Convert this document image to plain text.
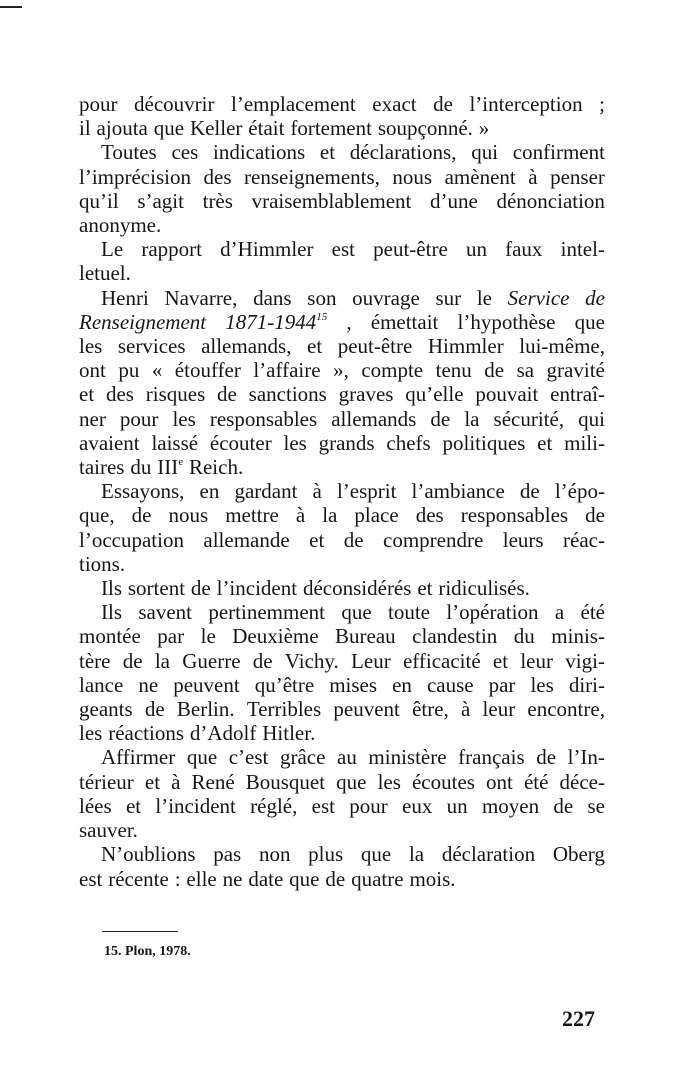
pour découvrir l’emplacement exact de l’interception ;
il ajouta que Keller était fortement soupçonné. »
Toutes ces indications et déclarations, qui confirment
l’imprécision des renseignements, nous amènent à penser
qu’il s’agit très vraisemblablement d’une dénonciation
anonyme.
Le rapport d’Himmler est peut-être un faux intel-
letuel.
Henri Navarre, dans son ouvrage sur le Service de
Renseignement 1871-1944$^{15}$ , émettait l’hypothèse que
les services allemands, et peut-être Himmler lui-même,
ont pu « étouffer l’affaire », compte tenu de sa gravité
et des risques de sanctions graves qu’elle pouvait entraî-
ner pour les responsables allemands de la sécurité, qui
avaient laissé écouter les grands chefs politiques et mili-
taires du IIIe Reich.
Essayons, en gardant à l’esprit l’ambiance de l’épo-
que, de nous mettre à la place des responsables de
l’occupation allemande et de comprendre leurs réac-
tions.
Ils sortent de l’incident déconsidérés et ridiculisés.
Ils savent pertinemment que toute l’opération a été
montée par le Deuxième Bureau clandestin du minis-
tère de la Guerre de Vichy. Leur efficacité et leur vigi-
lance ne peuvent qu’être mises en cause par les diri-
geants de Berlin. Terribles peuvent être, à leur encontre,
les réactions d’Adolf Hitler.
Affirmer que c’est grâce au ministère français de l’In-
térieur et à René Bousquet que les écoutes ont été déce-
lées et l’incident réglé, est pour eux un moyen de se
sauver.
N’oublions pas non plus que la déclaration Oberg
est récente : elle ne date que de quatre mois.
15. Plon, 1978.
227
